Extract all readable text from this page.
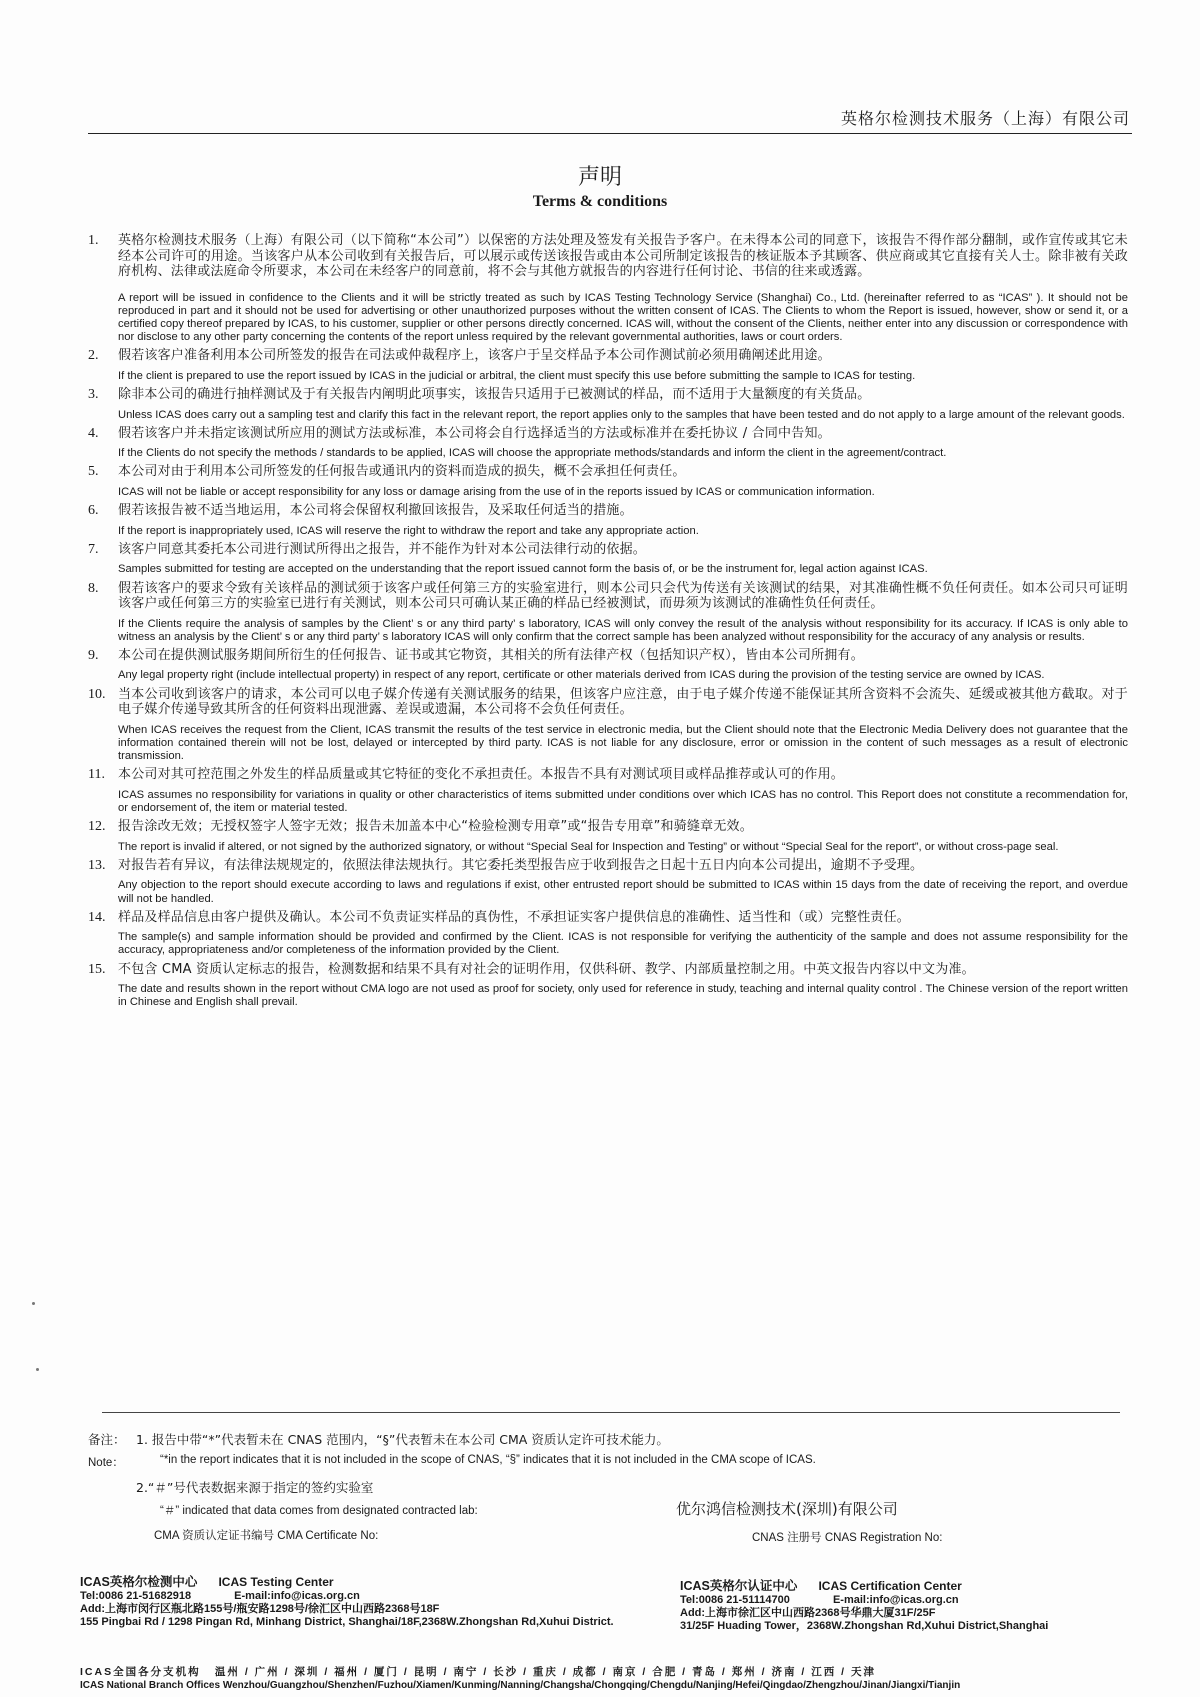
英格尔检测技术服务（上海）有限公司
声明
Terms & conditions
1. 英格尔检测技术服务（上海）有限公司（以下简称“本公司”）以保密的方法处理及签发有关报告予客户。在未得本公司的同意下，该报告不得作部分翻制，或作宣传或其它未经本公司许可的用途。当该客户从本公司收到有关报告后，可以展示或传送该报告或由本公司所制定该报告的核证版本予其顾客、供应商或其它直接有关人士。除非被有关政府机构、法律或法庭命令所要求，本公司在未经客户的同意前，将不会与其他方就报告的内容进行任何讨论、书信的往来或透露。
A report will be issued in confidence to the Clients and it will be strictly treated as such by ICAS Testing Technology Service (Shanghai) Co., Ltd. (hereinafter referred to as “ICAS” ). It should not be reproduced in part and it should not be used for advertising or other unauthorized purposes without the written consent of ICAS. The Clients to whom the Report is issued, however, show or send it, or a certified copy thereof prepared by ICAS, to his customer, supplier or other persons directly concerned. ICAS will, without the consent of the Clients, neither enter into any discussion or correspondence with nor disclose to any other party concerning the contents of the report unless required by the relevant governmental authorities, laws or court orders.
2. 假若该客户准备利用本公司所签发的报告在司法或仲裁程序上，该客户于呈交样品予本公司作测试前必须用确阐述此用途。
If the client is prepared to use the report issued by ICAS in the judicial or arbitral, the client must specify this use before submitting the sample to ICAS for testing.
3. 除非本公司的确进行抽样测试及于有关报告内阐明此项事实，该报告只适用于已被测试的样品，而不适用于大量额度的有关货品。
Unless ICAS does carry out a sampling test and clarify this fact in the relevant report, the report applies only to the samples that have been tested and do not apply to a large amount of the relevant goods.
4. 假若该客户并未指定该测试所应用的测试方法或标准，本公司将会自行选择适当的方法或标准并在委托协议 / 合同中告知。
If the Clients do not specify the methods / standards to be applied, ICAS will choose the appropriate methods/standards and inform the client in the agreement/contract.
5. 本公司对由于利用本公司所签发的任何报告或通讯内的资料而造成的损失，概不会承担任何责任。
ICAS will not be liable or accept responsibility for any loss or damage arising from the use of in the reports issued by ICAS or communication information.
6. 假若该报告被不适当地运用，本公司将会保留权利撤回该报告，及采取任何适当的措施。
If the report is inappropriately used, ICAS will reserve the right to withdraw the report and take any appropriate action.
7. 该客户同意其委托本公司进行测试所得出之报告，并不能作为针对本公司法律行动的依据。
Samples submitted for testing are accepted on the understanding that the report issued cannot form the basis of, or be the instrument for, legal action against ICAS.
8. 假若该客户的要求令致有关该样品的测试须于该客户或任何第三方的实验室进行，则本公司只会代为传送有关该测试的结果，对其准确性概不负任何责任。如本公司只可证明该客户或任何第三方的实验室已进行有关测试，则本公司只可确认某正确的样品已经被测试，而毋须为该测试的准确性负任何责任。
If the Clients require the analysis of samples by the Client’ s or any third party’ s laboratory, ICAS will only convey the result of the analysis without responsibility for its accuracy. If ICAS is only able to witness an analysis by the Client’ s or any third party’ s laboratory ICAS will only confirm that the correct sample has been analyzed without responsibility for the accuracy of any analysis or results.
9. 本公司在提供测试服务期间所衍生的任何报告、证书或其它物资，其相关的所有法律产权（包括知识产权），皆由本公司所拥有。
Any legal property right (include intellectual property) in respect of any report, certificate or other materials derived from ICAS during the provision of the testing service are owned by ICAS.
10. 当本公司收到该客户的请求，本公司可以电子媒介传递有关测试服务的结果，但该客户应注意，由于电子媒介传递不能保证其所含资料不会流失、延缓或被其他方截取。对于电子媒介传递导致其所含的任何资料出现泄露、差误或遗漏，本公司将不会负任何责任。
When ICAS receives the request from the Client, ICAS transmit the results of the test service in electronic media, but the Client should note that the Electronic Media Delivery does not guarantee that the information contained therein will not be lost, delayed or intercepted by third party. ICAS is not liable for any disclosure, error or omission in the content of such messages as a result of electronic transmission.
11. 本公司对其可控范围之外发生的样品质量或其它特征的变化不承担责任。本报告不具有对测试项目或样品推荐或认可的作用。
ICAS assumes no responsibility for variations in quality or other characteristics of items submitted under conditions over which ICAS has no control. This Report does not constitute a recommendation for, or endorsement of, the item or material tested.
12. 报告涂改无效；无授权签字人签字无效；报告未加盖本中心“检验检测专用章”或“报告专用章”和骑缝章无效。
The report is invalid if altered, or not signed by the authorized signatory, or without “Special Seal for Inspection and Testing” or without “Special Seal for the report”, or without cross-page seal.
13. 对报告若有异议，有法律法规规定的，依照法律法规执行。其它委托类型报告应于收到报告之日起十五日内向本公司提出，逾期不予受理。
Any objection to the report should execute according to laws and regulations if exist, other entrusted report should be submitted to ICAS within 15 days from the date of receiving the report, and overdue will not be handled.
14. 样品及样品信息由客户提供及确认。本公司不负责证实样品的真伪性，不承担证实客户提供信息的准确性、适当性和（或）完整性责任。
The sample(s) and sample information should be provided and confirmed by the Client. ICAS is not responsible for verifying the authenticity of the sample and does not assume responsibility for the accuracy, appropriateness and/or completeness of the information provided by the Client.
15. 不包含 CMA 资质认定标志的报告，检测数据和结果不具有对社会的证明作用，仅供科研、教学、内部质量控制之用。中英文报告内容以中文为准。
The date and results shown in the report without CMA logo are not used as proof for society, only used for reference in study, teaching and internal quality control . The Chinese version of the report written in Chinese and English shall prevail.
备注： 1. 报告中带“*”代表暂未在 CNAS 范围内，“§”代表暂未在本公司 CMA 资质认定许可技术能力。
Note：	“*in the report indicates that it is not included in the scope of CNAS, “§” indicates that it is not included in the CMA scope of ICAS.
2.“＃”号代表数据来源于指定的签约实验室
“＃” indicated that data comes from designated contracted lab:	优尔鸿信检测技术(深圳)有限公司
CMA 资质认定证书编号 CMA Certificate No:	CNAS 注册号 CNAS Registration No:
ICAS英格尔检测中心 ICAS Testing Center
Tel:0086 21-51682918	E-mail:info@icas.org.cn
Add:上海市闵行区瓶北路155号/瓶安路1298号/徐汇区中山西路2368号18F
155 Pingbai Rd / 1298 Pingan Rd, Minhang District, Shanghai/18F,2368W.Zhongshan Rd,Xuhui District.
ICAS英格尔认证中心 ICAS Certification Center
Tel:0086 21-51114700	E-mail:info@icas.org.cn
Add:上海市徐汇区中山西路2368号华鼎大厦31F/25F
31/25F Huading Tower，2368W.Zhongshan Rd,Xuhui District,Shanghai
ICAS全国各分支机构 温州 / 广州 / 深圳 / 福州 / 厦门 / 昆明 / 南宁 / 长沙 / 重庆 / 成都 / 南京 / 合肥 / 青岛 / 郑州 / 济南 / 江西 / 天津
ICAS National Branch Offices Wenzhou/Guangzhou/Shenzhen/Fuzhou/Xiamen/Kunming/Nanning/Changsha/Chongqing/Chengdu/Nanjing/Hefei/Qingdao/Zhengzhou/Jinan/Jiangxi/Tianjin
